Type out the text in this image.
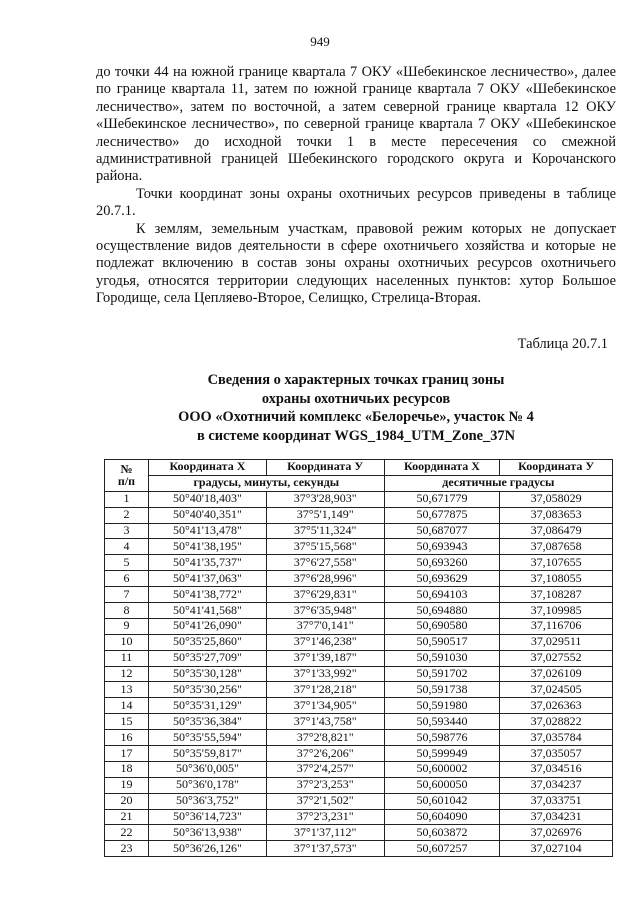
949

до точки 44 на южной границе квартала 7 ОКУ «Шебекинское лесничество», далее по границе квартала 11, затем по южной границе квартала 7 ОКУ «Шебекинское лесничество», затем по восточной, а затем северной границе квартала 12 ОКУ «Шебекинское лесничество», по северной границе квартала 7 ОКУ «Шебекинское лесничество» до исходной точки 1 в месте пересечения со смежной административной границей Шебекинского городского округа и Корочанского района.

Точки координат зоны охраны охотничьих ресурсов приведены в таблице 20.7.1.

К землям, земельным участкам, правовой режим которых не допускает осуществление видов деятельности в сфере охотничьего хозяйства и которые не подлежат включению в состав зоны охраны охотничьих ресурсов охотничьего угодья, относятся территории следующих населенных пунктов: хутор Большое Городище, села Цепляево-Второе, Селищко, Стрелица-Вторая.

Таблица 20.7.1
Сведения о характерных точках границ зоны
охраны охотничьих ресурсов
ООО «Охотничий комплекс «Белоречье», участок № 4
в системе координат WGS_1984_UTM_Zone_37N
№
п/п	Координата X	Координата У	Координата X	Координата У
	градусы, минуты, секунды		десятичные градусы	
1	50°40'18,403"	37°3'28,903"	50,671779	37,058029
2	50°40'40,351"	37°5'1,149"	50,677875	37,083653
3	50°41'13,478"	37°5'11,324"	50,687077	37,086479
4	50°41'38,195"	37°5'15,568"	50,693943	37,087658
5	50°41'35,737"	37°6'27,558"	50,693260	37,107655
6	50°41'37,063"	37°6'28,996"	50,693629	37,108055
7	50°41'38,772"	37°6'29,831"	50,694103	37,108287
8	50°41'41,568"	37°6'35,948"	50,694880	37,109985
9	50°41'26,090"	37°7'0,141"	50,690580	37,116706
10	50°35'25,860"	37°1'46,238"	50,590517	37,029511
11	50°35'27,709"	37°1'39,187"	50,591030	37,027552
12	50°35'30,128"	37°1'33,992"	50,591702	37,026109
13	50°35'30,256"	37°1'28,218"	50,591738	37,024505
14	50°35'31,129"	37°1'34,905"	50,591980	37,026363
15	50°35'36,384"	37°1'43,758"	50,593440	37,028822
16	50°35'55,594"	37°2'8,821"	50,598776	37,035784
17	50°35'59,817"	37°2'6,206"	50,599949	37,035057
18	50°36'0,005"	37°2'4,257"	50,600002	37,034516
19	50°36'0,178"	37°2'3,253"	50,600050	37,034237
20	50°36'3,752"	37°2'1,502"	50,601042	37,033751
21	50°36'14,723"	37°2'3,231"	50,604090	37,034231
22	50°36'13,938"	37°1'37,112"	50,603872	37,026976
23	50°36'26,126"	37°1'37,573"	50,607257	37,027104
